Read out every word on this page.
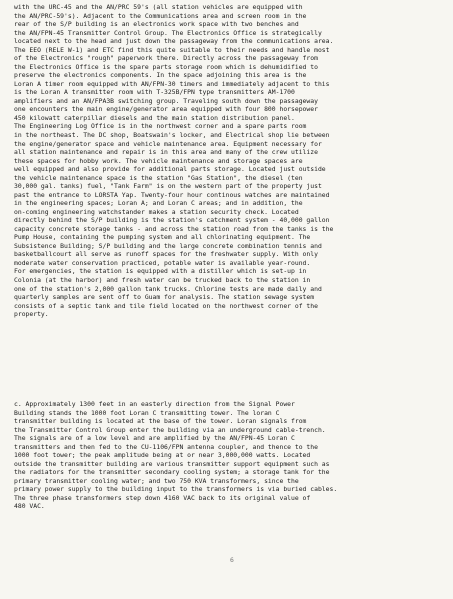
with the URC-45 and the AN/PRC 59's (all station vehicles are equipped with
the AN/PRC-59's). Adjacent to the Communications area and screen room in the
rear of the S/P building is an electronics work space with two benches and
the AN/FPN-45 Transmitter Control Group. The Electronics Office is strategically
located next to the head and just down the passageway from the communications area.
The EEO (RELE W-1) and ETC find this quite suitable to their needs and handle most
of the Electronics "rough" paperwork there. Directly across the passageway from
the Electronics Office is the spare parts storage room which is dehumidified to
preserve the electronics components. In the space adjoining this area is the
Loran A timer room equipped with AN/FPN-30 timers and immediately adjacent to this
is the Loran A transmitter room with T-325B/FPN type transmitters AM-1700
amplifiers and an AN/FPA3B switching group. Traveling south down the passageway
one encounters the main engine/generator area equipped with four 800 horsepower
450 kilowatt caterpillar diesels and the main station distribution panel.
The Engineering Log Office is in the northwest corner and a spare parts room
in the northeast. The DC shop, Boatswain's locker, and Electrical shop lie between
the engine/generator space and vehicle maintenance area. Equipment necessary for
all station maintenance and repair is in this area and many of the crew utilize
these spaces for hobby work. The vehicle maintenance and storage spaces are
well equipped and also provide for additional parts storage. Located just outside
the vehicle maintenance space is the station "Gas Station", the diesel (ten
30,000 gal. tanks) fuel, "Tank Farm" is on the western part of the property just
past the entrance to LORSTA Yap. Twenty-four hour continous watches are maintained
in the engineering spaces; Loran A; and Loran C areas; and in addition, the
on-coming engineering watchstander makes a station security check. Located
directly behind the S/P building is the station's catchment system - 40,000 gallon
capacity concrete storage tanks - and across the station road from the tanks is the
Pump House, containing the pumping system and all chlorinating equipment. The
Subsistence Building; S/P building and the large concrete combination tennis and
basketballcourt all serve as runoff spaces for the freshwater supply. With only
moderate water conservation practiced, potable water is available year-round.
For emergencies, the station is equipped with a distiller which is set-up in
Colonia (at the harbor) and fresh water can be trucked back to the station in
one of the station's 2,000 gallon tank trucks. Chlorine tests are made daily and
quarterly samples are sent off to Guam for analysis. The station sewage system
consists of a septic tank and tile field located on the northwest corner of the
property.
c. Approximately 1300 feet in an easterly direction from the Signal Power
Building stands the 1000 foot Loran C transmitting tower. The loran C
transmitter building is located at the base of the tower. Loran signals from
the Transmitter Control Group enter the building via an underground cable-trench.
The signals are of a low level and are amplified by the AN/FPN-45 Loran C
transmitters and then fed to the CU-1106/FPN antenna coupler, and thence to the
1000 foot tower; the peak amplitude being at or near 3,000,000 watts. Located
outside the transmitter building are various transmitter support equipment such as
the radiators for the transmitter secondary cooling system; a storage tank for the
primary transmitter cooling water; and two 750 KVA transformers, since the
primary power supply to the building input to the transformers is via buried cables.
The three phase transformers step down 4160 VAC back to its original value of
480 VAC.
6
